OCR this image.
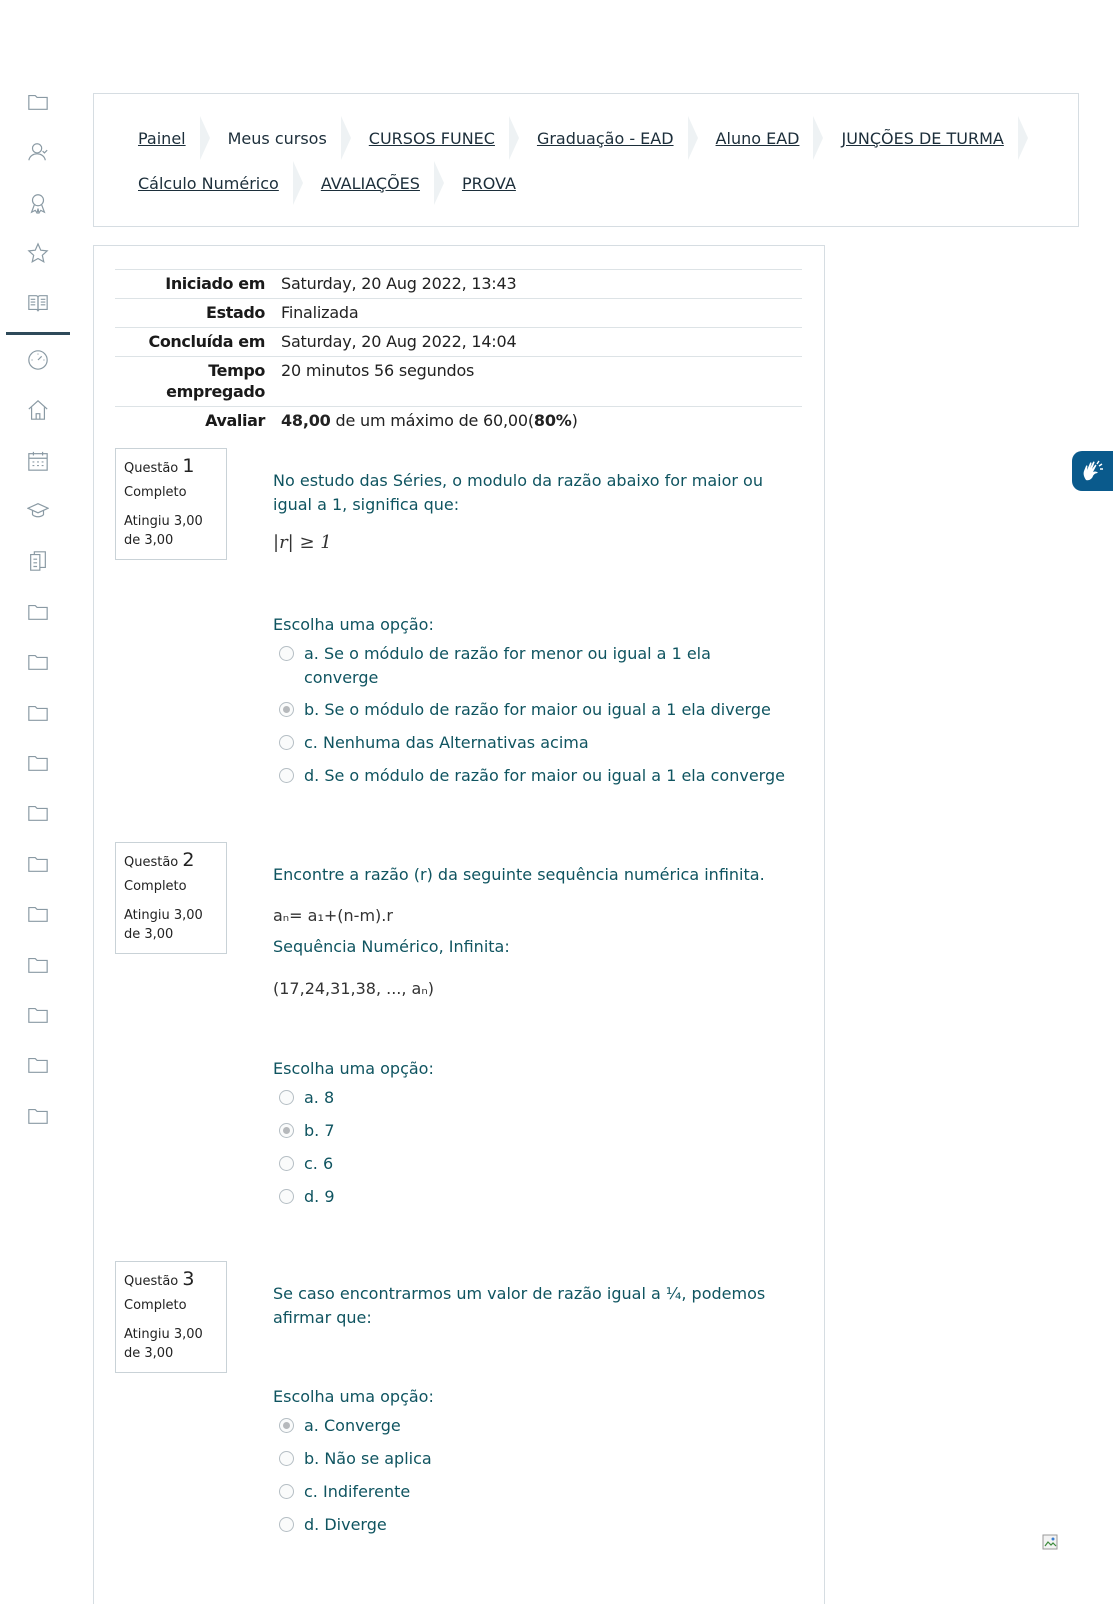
Painel	Meus cursos	CURSOS FUNEC	Graduação - EAD	Aluno EAD	JUNÇÕES DE TURMA
Cálculo Numérico	AVALIAÇÕES	PROVA
Iniciado em	Saturday, 20 Aug 2022, 13:43
Estado	Finalizada
Concluída em	Saturday, 20 Aug 2022, 14:04
Tempo empregado	20 minutos 56 segundos
Avaliar	48,00 de um máximo de 60,00(80%)
Questão 1
Completo
Atingiu 3,00 de 3,00
No estudo das Séries, o modulo da razão abaixo for maior ou igual a 1, significa que:
|r| ≥ 1
Escolha uma opção:
a. Se o módulo de razão for menor ou igual a 1 ela converge
b. Se o módulo de razão for maior ou igual a 1 ela diverge
c. Nenhuma das Alternativas acima
d. Se o módulo de razão for maior ou igual a 1 ela converge
Questão 2
Completo
Atingiu 3,00 de 3,00
Encontre a razão (r) da seguinte sequência numérica infinita.
aₙ= a₁+(n-m).r
Sequência Numérico, Infinita:
(17,24,31,38, ..., aₙ)
Escolha uma opção:
a. 8
b. 7
c. 6
d. 9
Questão 3
Completo
Atingiu 3,00 de 3,00
Se caso encontrarmos um valor de razão igual a ¼, podemos afirmar que:
Escolha uma opção:
a. Converge
b. Não se aplica
c. Indiferente
d. Diverge
